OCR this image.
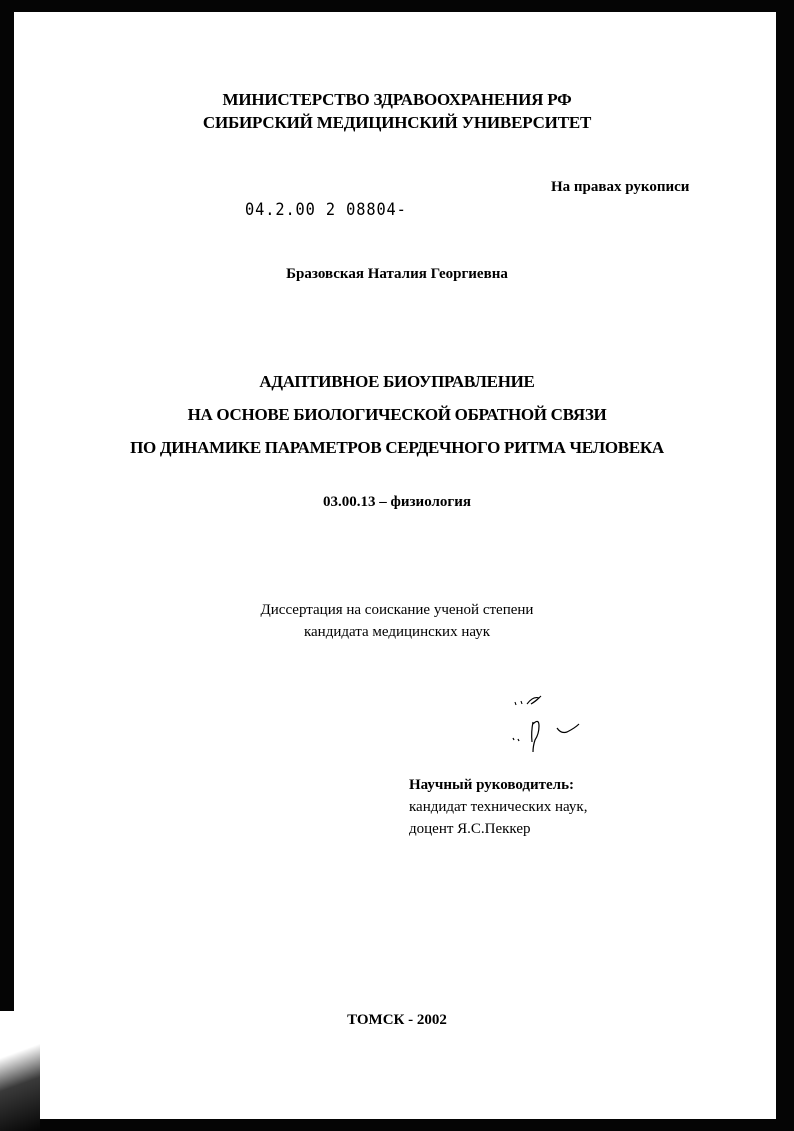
МИНИСТЕРСТВО ЗДРАВООХРАНЕНИЯ РФ
СИБИРСКИЙ МЕДИЦИНСКИЙ УНИВЕРСИТЕТ
На правах рукописи
04.2.00 2 08804-
Бразовская Наталия Георгиевна
АДАПТИВНОЕ БИОУПРАВЛЕНИЕ
НА ОСНОВЕ БИОЛОГИЧЕСКОЙ ОБРАТНОЙ СВЯЗИ
ПО ДИНАМИКЕ ПАРАМЕТРОВ СЕРДЕЧНОГО РИТМА ЧЕЛОВЕКА
03.00.13 – физиология
Диссертация на соискание ученой степени
кандидата медицинских наук
Научный руководитель:
кандидат технических наук,
доцент Я.С.Пеккер
ТОМСК - 2002
